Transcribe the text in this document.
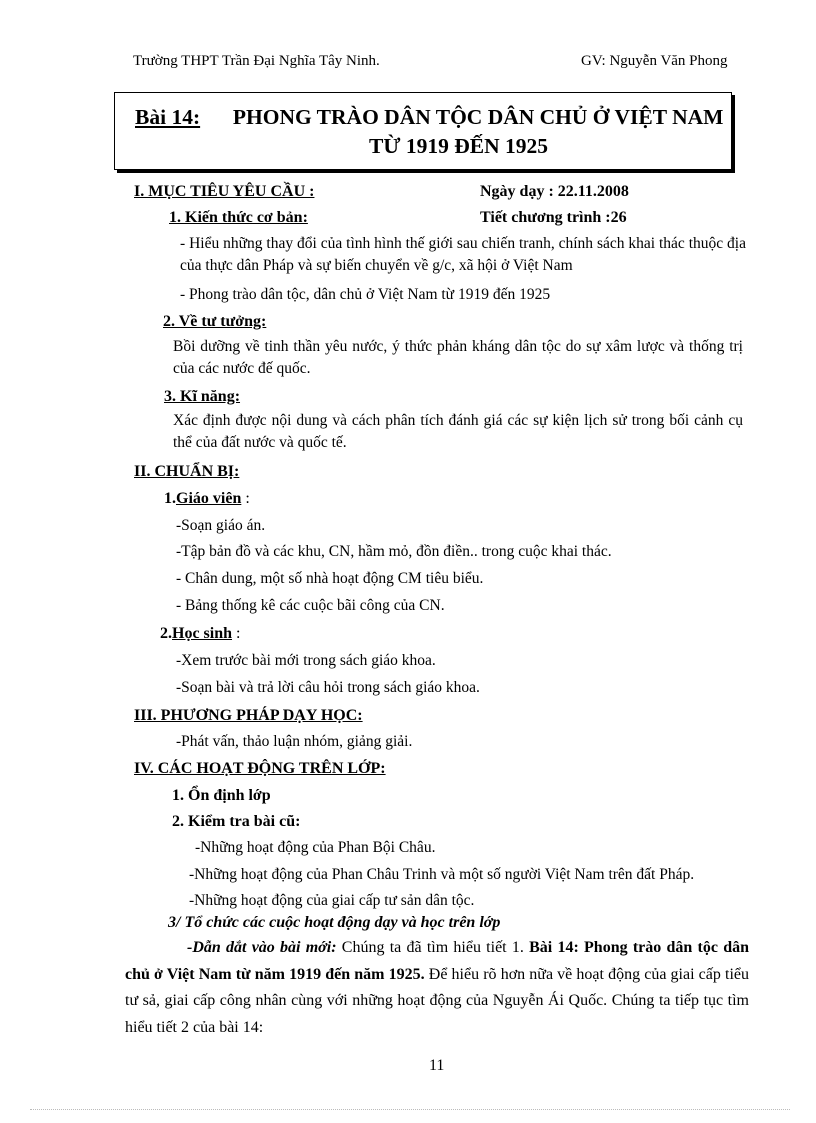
Trường THPT Trần Đại Nghĩa Tây Ninh.	GV: Nguyễn Văn Phong
Bài 14: PHONG TRÀO DÂN TỘC DÂN CHỦ Ở VIỆT NAM
TỪ 1919 ĐẾN 1925
I. MỤC TIÊU YÊU CẦU :	Ngày dạy : 22.11.2008
1. Kiến thức cơ bản:	Tiết chương trình :26
- Hiểu những thay đổi của tình hình thế giới sau chiến tranh, chính sách khai thác thuộc địa của thực dân Pháp và sự biến chuyển về g/c, xã hội ở Việt Nam
- Phong trào dân tộc, dân chủ ở Việt Nam từ 1919 đến 1925
2. Về tư tưởng:
Bồi dưỡng về tinh thần yêu nước, ý thức phản kháng dân tộc do sự xâm lược và thống trị của các nước đế quốc.
3. Kĩ năng:
Xác định được nội dung và cách phân tích đánh giá các sự kiện lịch sử trong bối cảnh cụ thể của đất nước và quốc tế.
II. CHUẨN BỊ:
1.Giáo viên :
-Soạn giáo án.
-Tập bản đồ và các khu, CN, hầm mỏ, đồn điền.. trong cuộc khai thác.
- Chân dung, một số nhà hoạt động CM tiêu biểu.
- Bảng thống kê các cuộc bãi công của CN.
2.Học sinh :
-Xem trước bài mới trong sách giáo khoa.
-Soạn bài và trả lời câu hỏi trong sách giáo khoa.
III. PHƯƠNG PHÁP DẠY HỌC:
-Phát vấn, thảo luận nhóm, giảng giải.
IV. CÁC HOẠT ĐỘNG TRÊN LỚP:
1. Ổn định lớp
2. Kiểm tra bài cũ:
-Những hoạt động của Phan Bội Châu.
-Những hoạt động của Phan Châu Trinh và một số người Việt Nam trên đất Pháp.
-Những hoạt động của giai cấp tư sản dân tộc.
3/ Tổ chức các cuộc hoạt động dạy và học trên lớp
-Dẫn dắt vào bài mới: Chúng ta đã tìm hiểu tiết 1. Bài 14: Phong trào dân tộc dân chủ ở Việt Nam từ năm 1919 đến năm 1925. Để hiểu rõ hơn nữa về hoạt động của giai cấp tiểu tư sả, giai cấp công nhân cùng với những hoạt động của Nguyễn Ái Quốc. Chúng ta tiếp tục tìm hiểu tiết 2 của bài 14:
11
